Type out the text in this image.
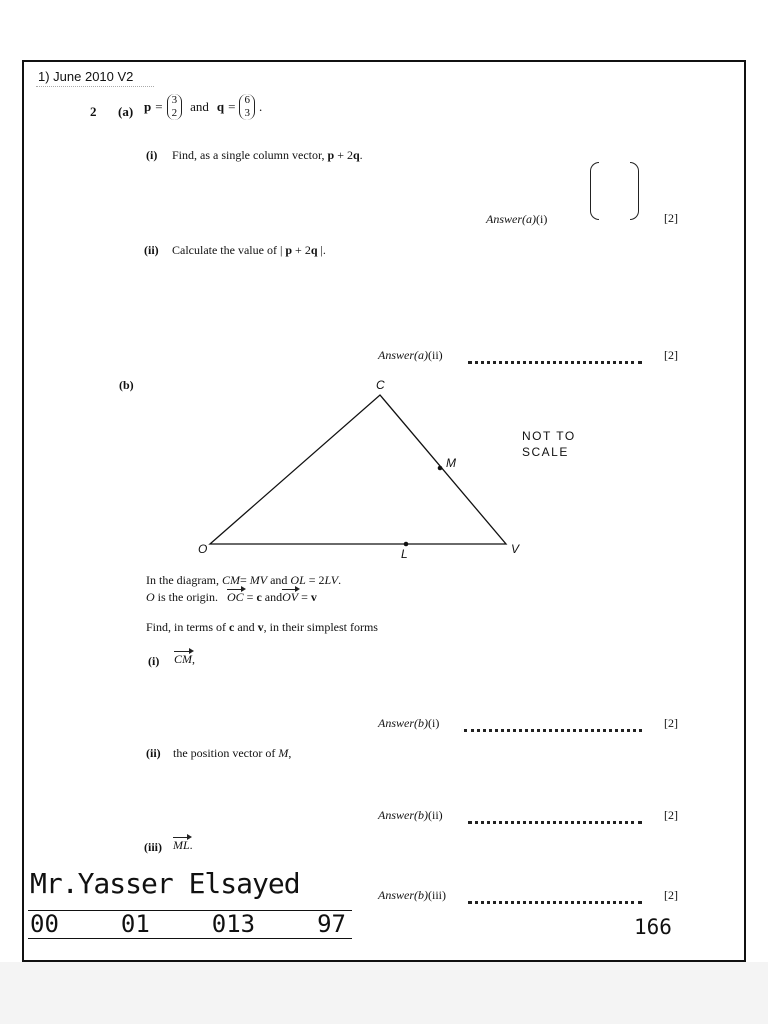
1) June 2010 V2
2 (a) p = 3
2 and q = 6
3 .
(i) Find, as a single column vector, p + 2q.
Answer(a)(i)	[2]
(ii) Calculate the value of | p + 2q |.
Answer(a)(ii)	[2]
(b)	C
M
O	L	V
NOT TO
SCALE
In the diagram, CM= MV and OL = 2LV.
O is the origin. OC = c andOV = v
Find, in terms of c and v, in their simplest forms
(i) CM,
Answer(b)(i)	[2]
(ii) the position vector of M,
Answer(b)(ii)	[2]
(iii) ML.
Answer(b)(iii)	[2]
Mr.Yasser Elsayed
00	01	013	97	166
